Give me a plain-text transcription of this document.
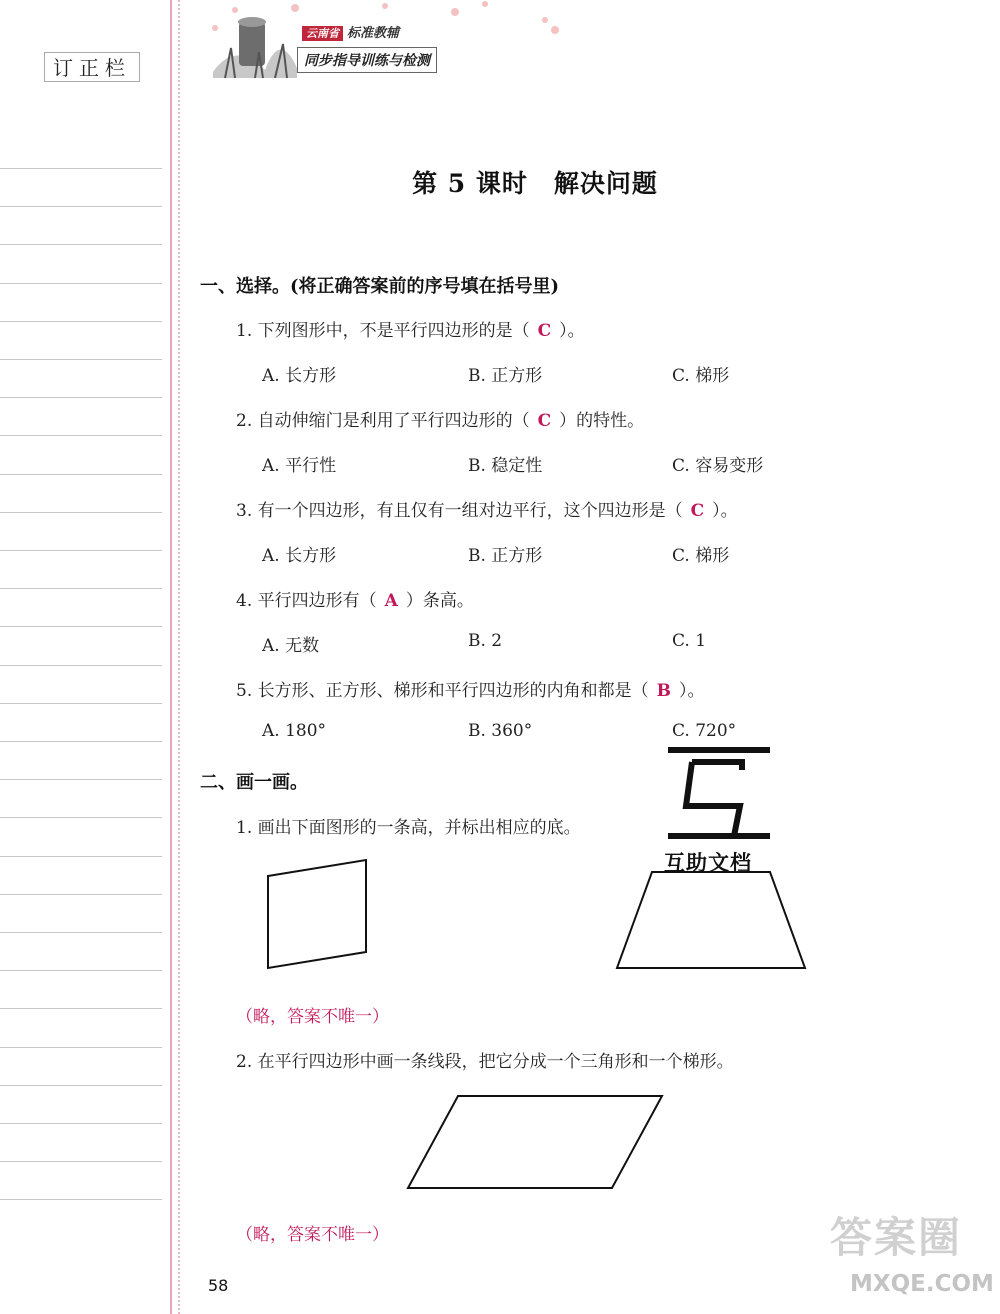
订正栏
云南省 标准教辅
同步指导训练与检测
第 5 课时　解决问题
一、选择。(将正确答案前的序号填在括号里)
1. 下列图形中，不是平行四边形的是（ C ）。
A. 长方形	B. 正方形	C. 梯形
2. 自动伸缩门是利用了平行四边形的（ C ）的特性。
A. 平行性	B. 稳定性	C. 容易变形
3. 有一个四边形，有且仅有一组对边平行，这个四边形是（ C ）。
A. 长方形	B. 正方形	C. 梯形
4. 平行四边形有（ A ）条高。
A. 无数	B. 2	C. 1
5. 长方形、正方形、梯形和平行四边形的内角和都是（ B ）。
A. 180°	B. 360°	C. 720°
二、画一画。
1. 画出下面图形的一条高，并标出相应的底。
（略，答案不唯一）
2. 在平行四边形中画一条线段，把它分成一个三角形和一个梯形。
（略，答案不唯一）
互助文档
答案圈
MXQE.COM
58
